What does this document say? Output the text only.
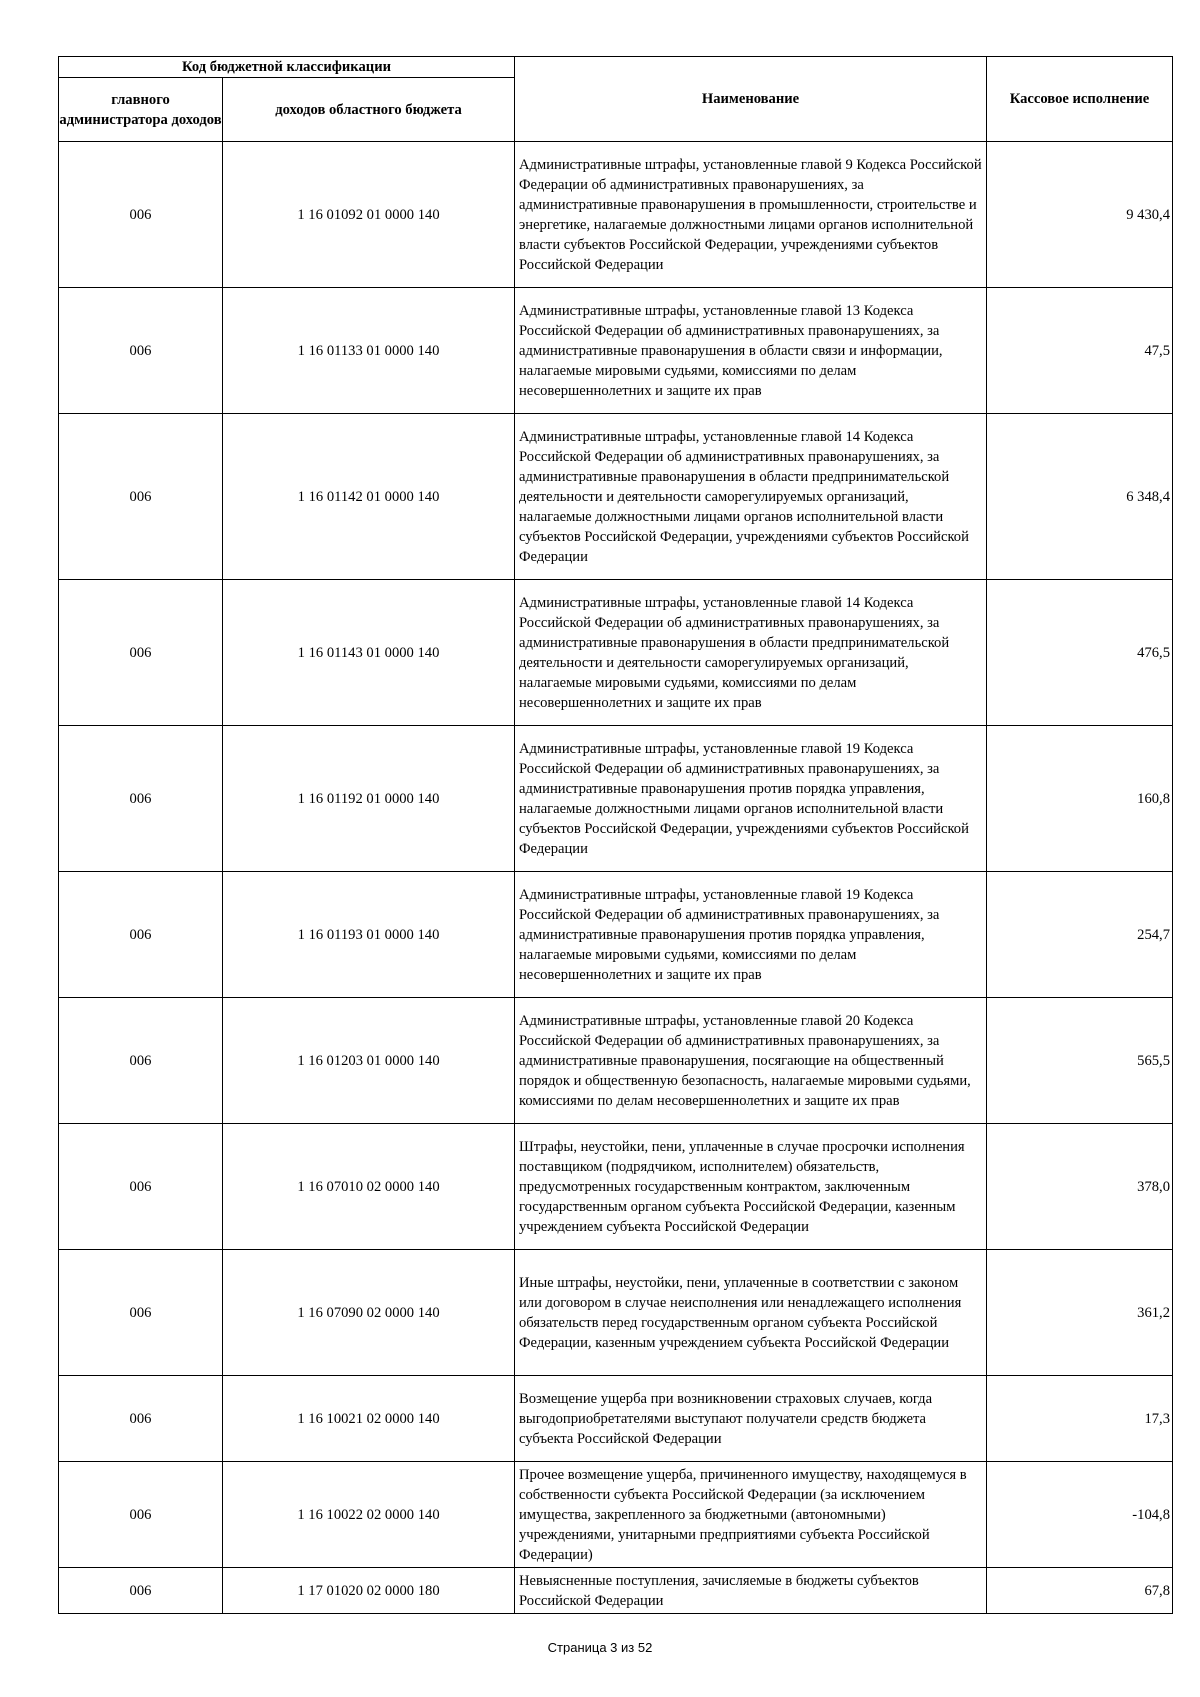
Код бюджетной классификации		Наименование	Кассовое исполнение
главного администратора доходов	доходов областного бюджета		
006	1 16 01092 01 0000 140	Административные штрафы, установленные главой 9 Кодекса Российской Федерации об административных правонарушениях, за административные правонарушения в промышленности, строительстве и энергетике, налагаемые должностными лицами органов исполнительной власти субъектов Российской Федерации, учреждениями субъектов Российской Федерации	9 430,4
006	1 16 01133 01 0000 140	Административные штрафы, установленные главой 13 Кодекса Российской Федерации об административных правонарушениях, за административные правонарушения в области связи и информации, налагаемые мировыми судьями, комиссиями по делам несовершеннолетних и защите их прав	47,5
006	1 16 01142 01 0000 140	Административные штрафы, установленные главой 14 Кодекса Российской Федерации об административных правонарушениях, за административные правонарушения в области предпринимательской деятельности и деятельности саморегулируемых организаций, налагаемые должностными лицами органов исполнительной власти субъектов Российской Федерации, учреждениями субъектов Российской Федерации	6 348,4
006	1 16 01143 01 0000 140	Административные штрафы, установленные главой 14 Кодекса Российской Федерации об административных правонарушениях, за административные правонарушения в области предпринимательской деятельности и деятельности саморегулируемых организаций, налагаемые мировыми судьями, комиссиями по делам несовершеннолетних и защите их прав	476,5
006	1 16 01192 01 0000 140	Административные штрафы, установленные главой 19 Кодекса Российской Федерации об административных правонарушениях, за административные правонарушения против порядка управления, налагаемые должностными лицами органов исполнительной власти субъектов Российской Федерации, учреждениями субъектов Российской Федерации	160,8
006	1 16 01193 01 0000 140	Административные штрафы, установленные главой 19 Кодекса Российской Федерации об административных правонарушениях, за административные правонарушения против порядка управления, налагаемые мировыми судьями, комиссиями по делам несовершеннолетних и защите их прав	254,7
006	1 16 01203 01 0000 140	Административные штрафы, установленные главой 20 Кодекса Российской Федерации об административных правонарушениях, за административные правонарушения, посягающие на общественный порядок и общественную безопасность, налагаемые мировыми судьями, комиссиями по делам несовершеннолетних и защите их прав	565,5
006	1 16 07010 02 0000 140	Штрафы, неустойки, пени, уплаченные в случае просрочки исполнения поставщиком (подрядчиком, исполнителем) обязательств, предусмотренных государственным контрактом, заключенным государственным органом субъекта Российской Федерации, казенным учреждением субъекта Российской Федерации	378,0
006	1 16 07090 02 0000 140	Иные штрафы, неустойки, пени, уплаченные в соответствии с законом или договором в случае неисполнения или ненадлежащего исполнения обязательств перед государственным органом субъекта Российской Федерации, казенным учреждением субъекта Российской Федерации	361,2
006	1 16 10021 02 0000 140	Возмещение ущерба при возникновении страховых случаев, когда выгодоприобретателями выступают получатели средств бюджета субъекта Российской Федерации	17,3
006	1 16 10022 02 0000 140	Прочее возмещение ущерба, причиненного имуществу, находящемуся в собственности субъекта Российской Федерации (за исключением имущества, закрепленного за бюджетными (автономными) учреждениями, унитарными предприятиями субъекта Российской Федерации)	-104,8
006	1 17 01020 02 0000 180	Невыясненные поступления, зачисляемые в бюджеты субъектов Российской Федерации	67,8
Страница 3 из 52
